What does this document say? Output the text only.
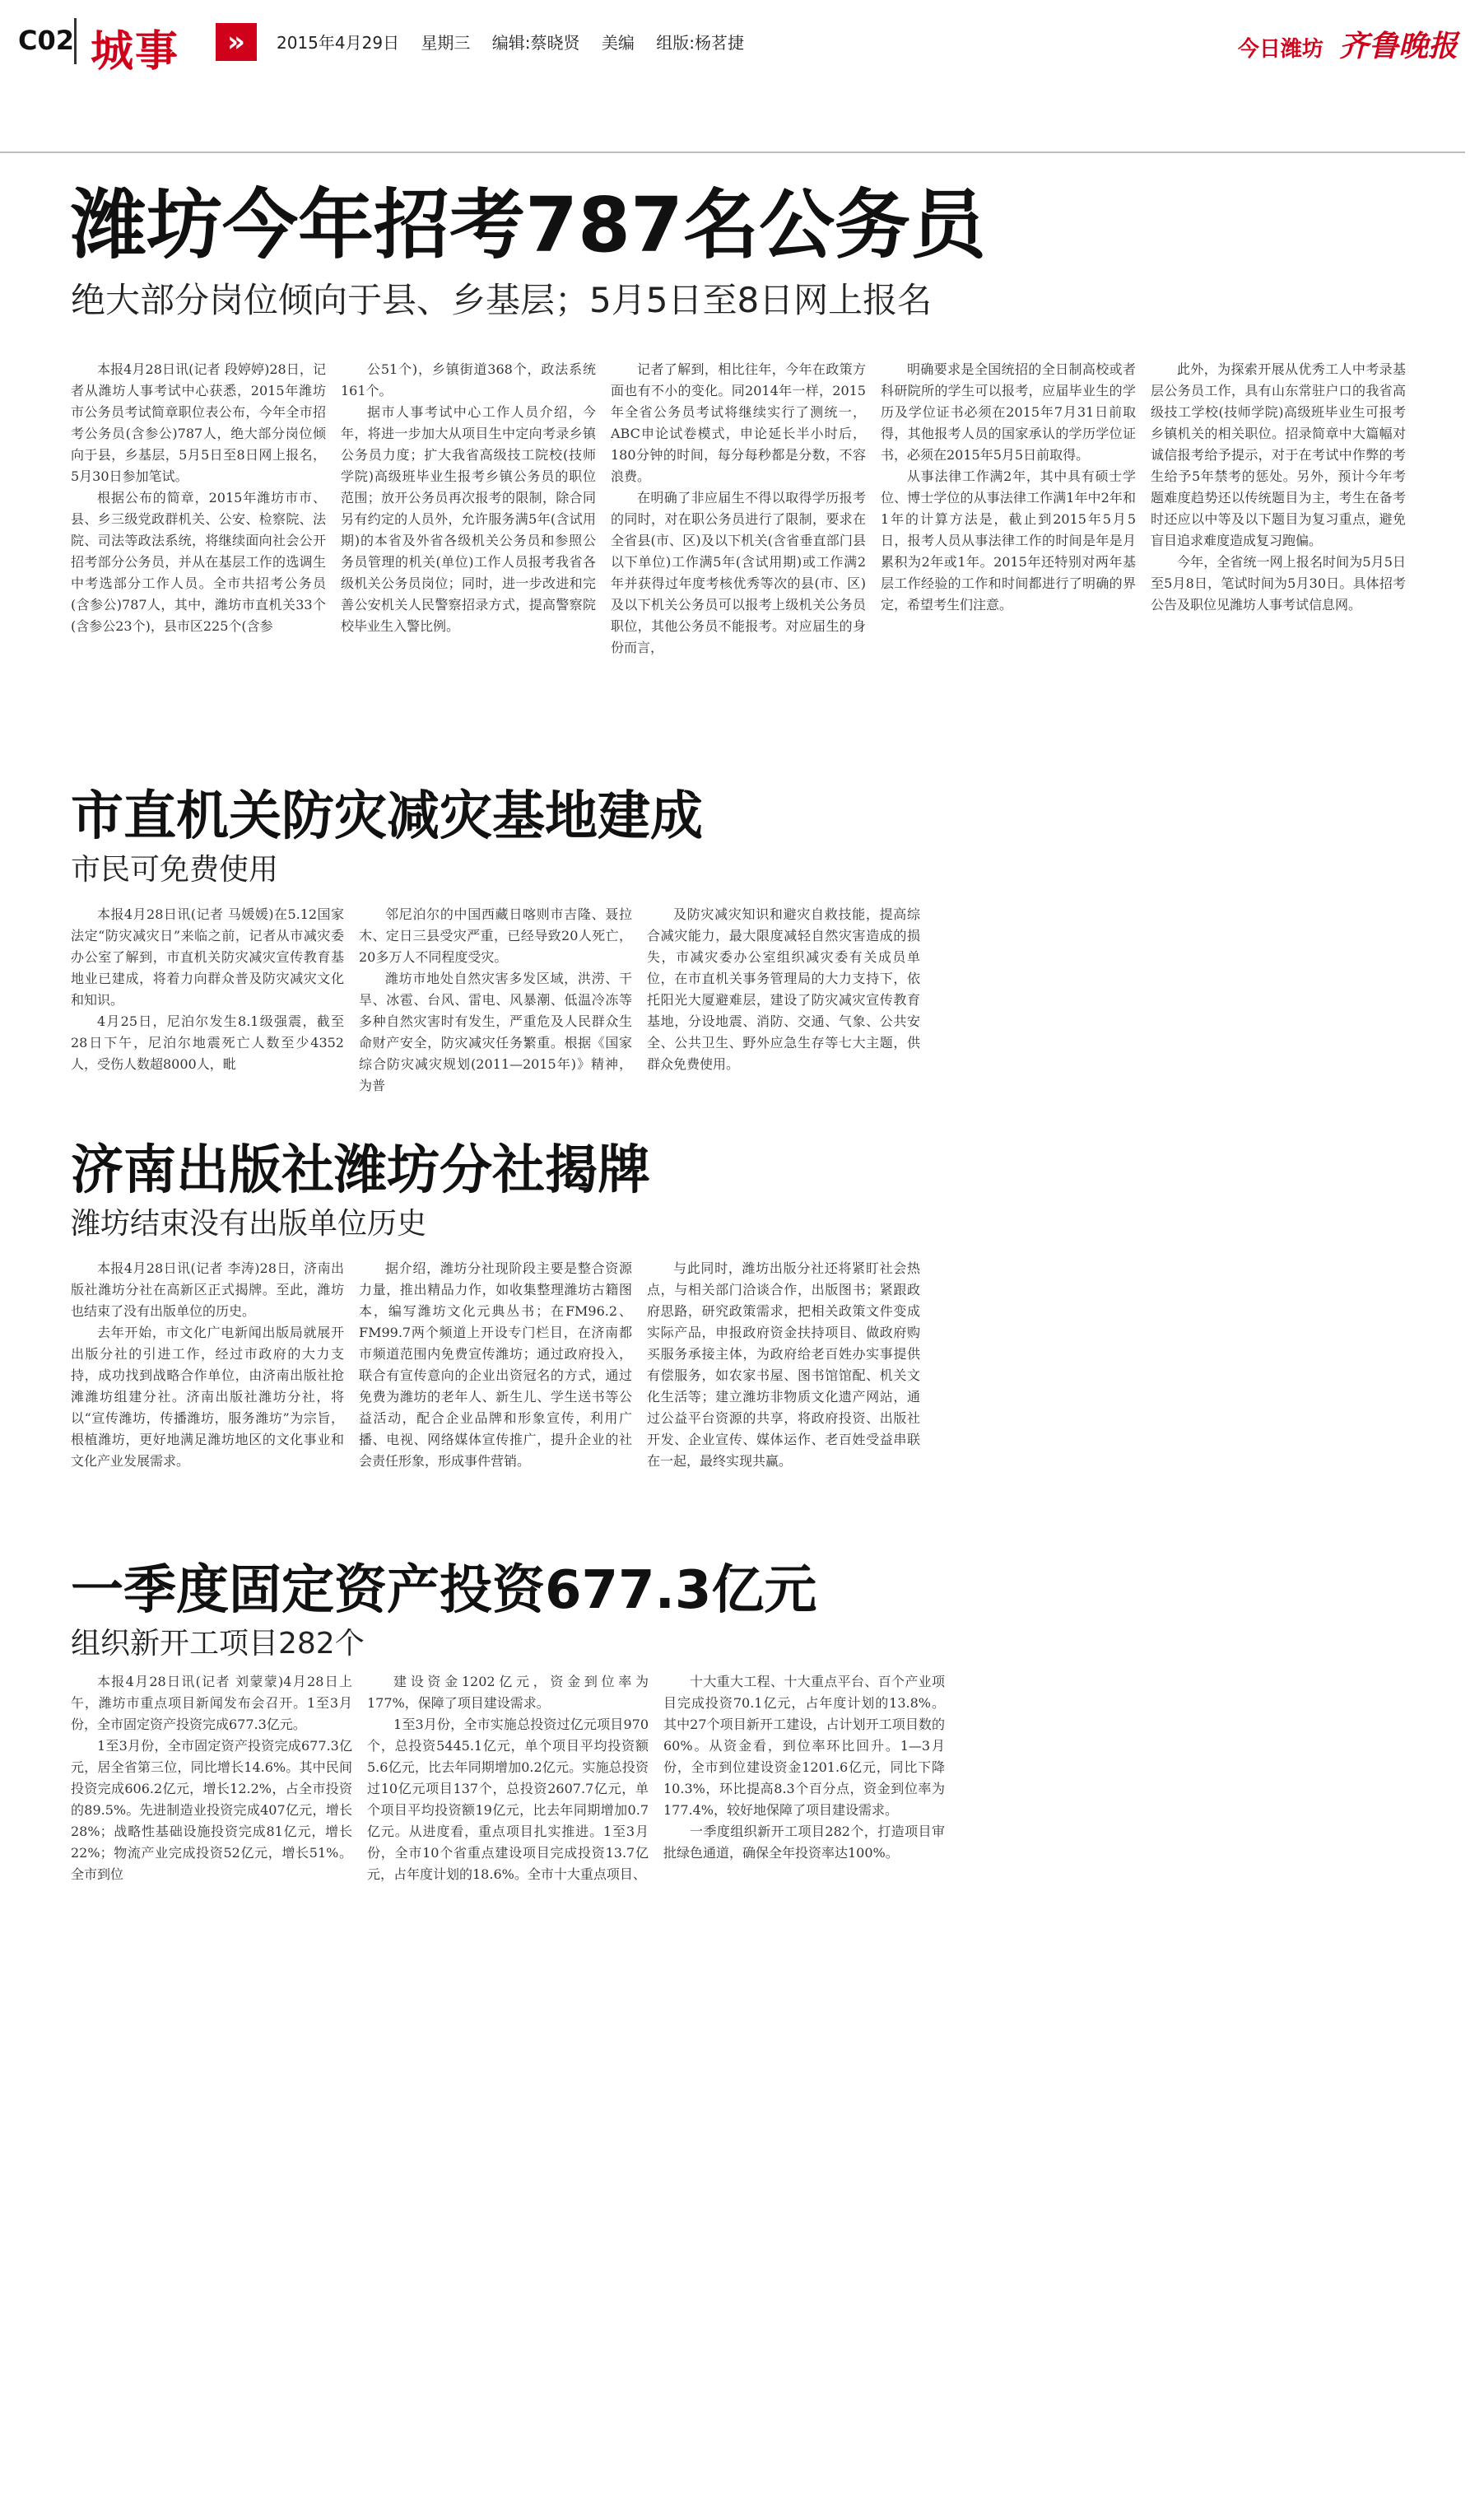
C02 城事	»	2015年4月29日 星期三 编辑:蔡晓贤 美编 组版:杨茗捷	今日潍坊 齐鲁晚报
潍坊今年招考787名公务员
绝大部分岗位倾向于县、乡基层；5月5日至8日网上报名

本报4月28日讯(记者 段婷婷)28日，记者从潍坊人事考试中心获悉，2015年潍坊市公务员考试简章职位表公布，今年全市招考公务员(含参公)787人，绝大部分岗位倾向于县，乡基层，5月5日至8日网上报名，5月30日参加笔试。

根据公布的简章，2015年潍坊市市、县、乡三级党政群机关、公安、检察院、法院、司法等政法系统，将继续面向社会公开招考部分公务员，并从在基层工作的选调生中考选部分工作人员。全市共招考公务员(含参公)787人，其中，潍坊市直机关33个(含参公23个)，县市区225个(含参

公51个)，乡镇街道368个，政法系统161个。

据市人事考试中心工作人员介绍，今年，将进一步加大从项目生中定向考录乡镇公务员力度；扩大我省高级技工院校(技师学院)高级班毕业生报考乡镇公务员的职位范围；放开公务员再次报考的限制，除合同另有约定的人员外，允许服务满5年(含试用期)的本省及外省各级机关公务员和参照公务员管理的机关(单位)工作人员报考我省各级机关公务员岗位；同时，进一步改进和完善公安机关人民警察招录方式，提高警察院校毕业生入警比例。

记者了解到，相比往年，今年在政策方面也有不小的变化。同2014年一样，2015年全省公务员考试将继续实行了测统一，ABC申论试卷模式，申论延长半小时后，180分钟的时间，每分每秒都是分数，不容浪费。

在明确了非应届生不得以取得学历报考的同时，对在职公务员进行了限制，要求在全省县(市、区)及以下机关(含省垂直部门县以下单位)工作满5年(含试用期)或工作满2年并获得过年度考核优秀等次的县(市、区)及以下机关公务员可以报考上级机关公务员职位，其他公务员不能报考。对应届生的身份而言，

明确要求是全国统招的全日制高校或者科研院所的学生可以报考，应届毕业生的学历及学位证书必须在2015年7月31日前取得，其他报考人员的国家承认的学历学位证书，必须在2015年5月5日前取得。

从事法律工作满2年，其中具有硕士学位、博士学位的从事法律工作满1年中2年和1年的计算方法是，截止到2015年5月5日，报考人员从事法律工作的时间是年是月累积为2年或1年。2015年还特别对两年基层工作经验的工作和时间都进行了明确的界定，希望考生们注意。

此外，为探索开展从优秀工人中考录基层公务员工作，具有山东常驻户口的我省高级技工学校(技师学院)高级班毕业生可报考乡镇机关的相关职位。招录简章中大篇幅对诚信报考给予提示，对于在考试中作弊的考生给予5年禁考的惩处。另外，预计今年考题难度趋势还以传统题目为主，考生在备考时还应以中等及以下题目为复习重点，避免盲目追求难度造成复习跑偏。

今年，全省统一网上报名时间为5月5日至5月8日，笔试时间为5月30日。具体招考公告及职位见潍坊人事考试信息网。

市直机关防灾减灾基地建成
市民可免费使用

本报4月28日讯(记者 马媛媛)在5.12国家法定“防灾减灾日”来临之前，记者从市减灾委办公室了解到，市直机关防灾减灾宣传教育基地业已建成，将着力向群众普及防灾减灾文化和知识。

4月25日，尼泊尔发生8.1级强震，截至28日下午，尼泊尔地震死亡人数至少4352人，受伤人数超8000人，毗

邻尼泊尔的中国西藏日喀则市吉隆、聂拉木、定日三县受灾严重，已经导致20人死亡，20多万人不同程度受灾。

潍坊市地处自然灾害多发区域，洪涝、干旱、冰雹、台风、雷电、风暴潮、低温冷冻等多种自然灾害时有发生，严重危及人民群众生命财产安全，防灾减灾任务繁重。根据《国家综合防灾减灾规划(2011—2015年)》精神，为普

及防灾减灾知识和避灾自救技能，提高综合减灾能力，最大限度减轻自然灾害造成的损失，市减灾委办公室组织减灾委有关成员单位，在市直机关事务管理局的大力支持下，依托阳光大厦避难层，建设了防灾减灾宣传教育基地，分设地震、消防、交通、气象、公共安全、公共卫生、野外应急生存等七大主题，供群众免费使用。

济南出版社潍坊分社揭牌
潍坊结束没有出版单位历史

本报4月28日讯(记者 李涛)28日，济南出版社潍坊分社在高新区正式揭牌。至此，潍坊也结束了没有出版单位的历史。

去年开始，市文化广电新闻出版局就展开出版分社的引进工作，经过市政府的大力支持，成功找到战略合作单位，由济南出版社抢滩潍坊组建分社。济南出版社潍坊分社，将以“宣传潍坊，传播潍坊，服务潍坊”为宗旨，根植潍坊，更好地满足潍坊地区的文化事业和文化产业发展需求。

据介绍，潍坊分社现阶段主要是整合资源力量，推出精品力作，如收集整理潍坊古籍图本，编写潍坊文化元典丛书；在FM96.2、FM99.7两个频道上开设专门栏目，在济南都市频道范围内免费宣传潍坊；通过政府投入，联合有宣传意向的企业出资冠名的方式，通过免费为潍坊的老年人、新生儿、学生送书等公益活动，配合企业品牌和形象宣传，利用广播、电视、网络媒体宣传推广，提升企业的社会责任形象，形成事件营销。

与此同时，潍坊出版分社还将紧盯社会热点，与相关部门洽谈合作，出版图书；紧跟政府思路，研究政策需求，把相关政策文件变成实际产品，申报政府资金扶持项目、做政府购买服务承接主体，为政府给老百姓办实事提供有偿服务，如农家书屋、图书馆馆配、机关文化生活等；建立潍坊非物质文化遗产网站，通过公益平台资源的共享，将政府投资、出版社开发、企业宣传、媒体运作、老百姓受益串联在一起，最终实现共赢。

一季度固定资产投资677.3亿元
组织新开工项目282个

本报4月28日讯(记者 刘蒙蒙)4月28日上午，潍坊市重点项目新闻发布会召开。1至3月份，全市固定资产投资完成677.3亿元。

1至3月份，全市固定资产投资完成677.3亿元，居全省第三位，同比增长14.6%。其中民间投资完成606.2亿元，增长12.2%，占全市投资的89.5%。先进制造业投资完成407亿元，增长28%；战略性基础设施投资完成81亿元，增长22%；物流产业完成投资52亿元，增长51%。全市到位

建设资金1202亿元，资金到位率为177%，保障了项目建设需求。

1至3月份，全市实施总投资过亿元项目970个，总投资5445.1亿元，单个项目平均投资额5.6亿元，比去年同期增加0.2亿元。实施总投资过10亿元项目137个，总投资2607.7亿元，单个项目平均投资额19亿元，比去年同期增加0.7亿元。从进度看，重点项目扎实推进。1至3月份，全市10个省重点建设项目完成投资13.7亿元，占年度计划的18.6%。全市十大重点项目、

十大重大工程、十大重点平台、百个产业项目完成投资70.1亿元，占年度计划的13.8%。其中27个项目新开工建设，占计划开工项目数的60%。从资金看，到位率环比回升。1—3月份，全市到位建设资金1201.6亿元，同比下降10.3%，环比提高8.3个百分点，资金到位率为177.4%，较好地保障了项目建设需求。

一季度组织新开工项目282个，打造项目审批绿色通道，确保全年投资率达100%。
